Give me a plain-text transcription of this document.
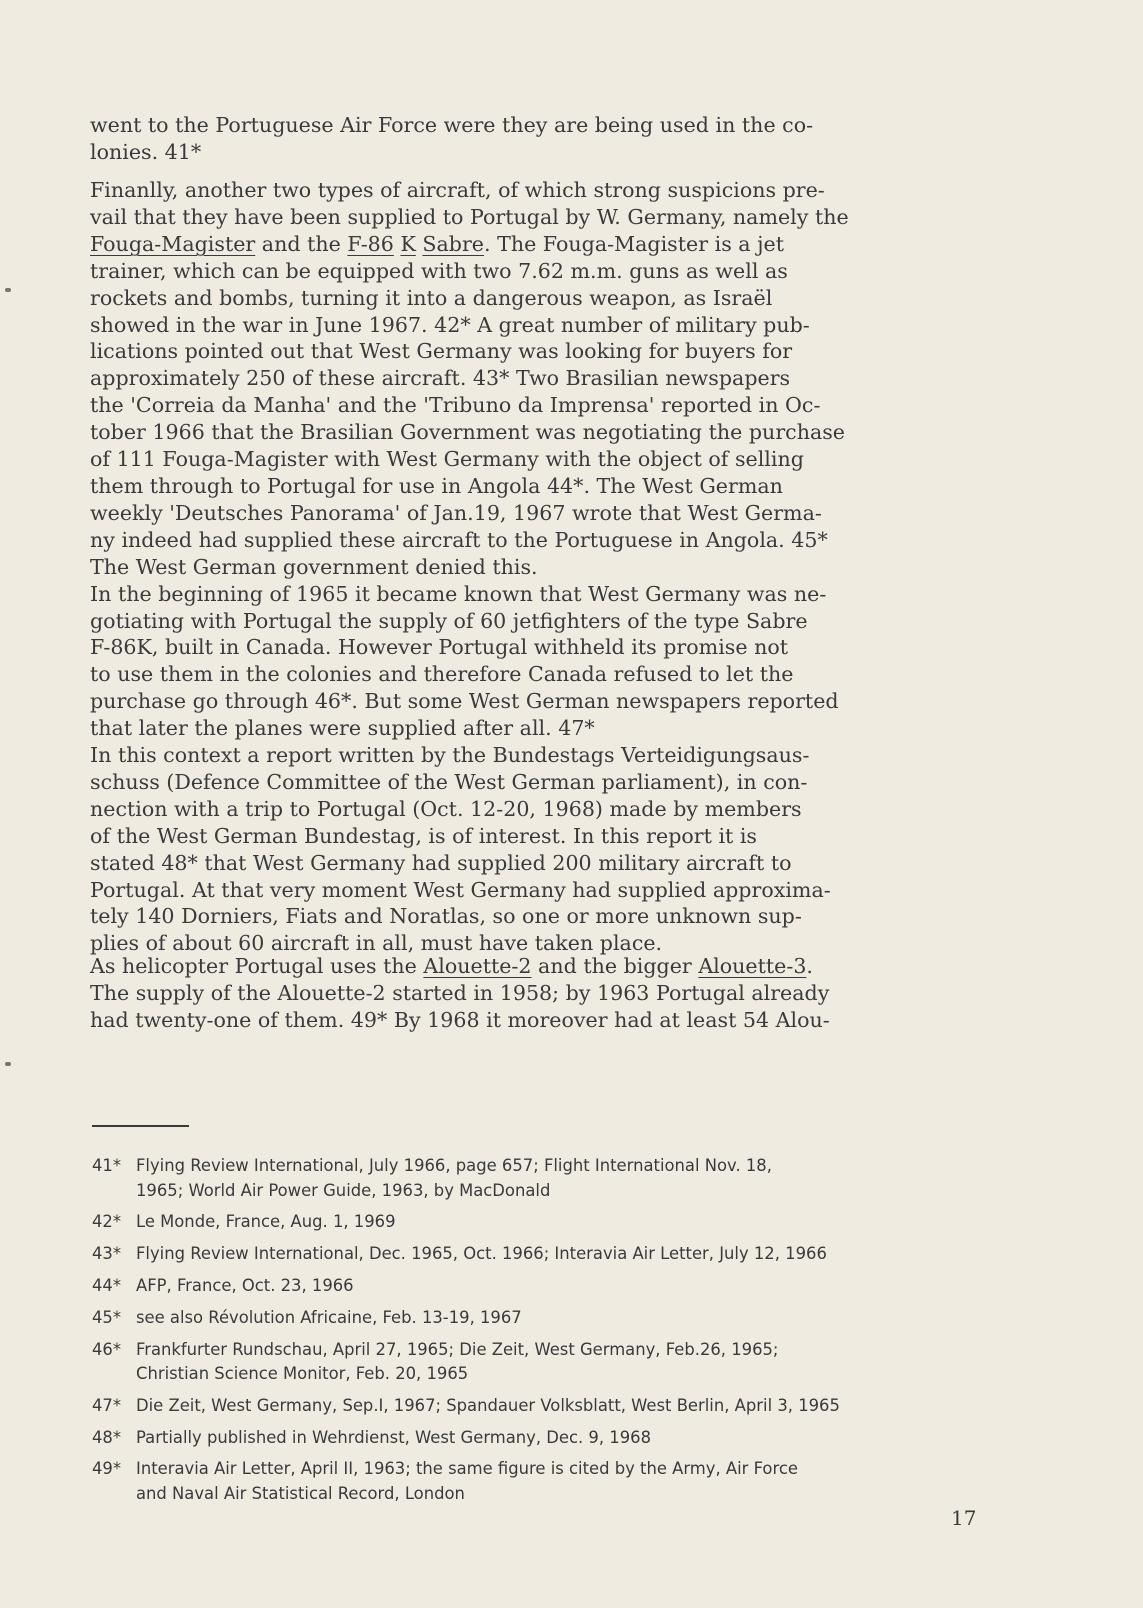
went to the Portuguese Air Force were they are being used in the co-
lonies. 41*
Finanlly, another two types of aircraft, of which strong suspicions pre-
vail that they have been supplied to Portugal by W. Germany, namely the
Fouga-Magister and the F-86 K Sabre. The Fouga-Magister is a jet
trainer, which can be equipped with two 7.62 m.m. guns as well as
rockets and bombs, turning it into a dangerous weapon, as Israël
showed in the war in June 1967. 42* A great number of military pub-
lications pointed out that West Germany was looking for buyers for
approximately 250 of these aircraft. 43* Two Brasilian newspapers
the 'Correia da Manha' and the 'Tribuno da Imprensa' reported in Oc-
tober 1966 that the Brasilian Government was negotiating the purchase
of 111 Fouga-Magister with West Germany with the object of selling
them through to Portugal for use in Angola 44*. The West German
weekly 'Deutsches Panorama' of Jan.19, 1967 wrote that West Germa-
ny indeed had supplied these aircraft to the Portuguese in Angola. 45*
The West German government denied this.
In the beginning of 1965 it became known that West Germany was ne-
gotiating with Portugal the supply of 60 jetfighters of the type Sabre
F-86K, built in Canada. However Portugal withheld its promise not
to use them in the colonies and therefore Canada refused to let the
purchase go through 46*. But some West German newspapers reported
that later the planes were supplied after all. 47*
In this context a report written by the Bundestags Verteidigungsaus-
schuss (Defence Committee of the West German parliament), in con-
nection with a trip to Portugal (Oct. 12-20, 1968) made by members
of the West German Bundestag, is of interest. In this report it is
stated 48* that West Germany had supplied 200 military aircraft to
Portugal. At that very moment West Germany had supplied approxima-
tely 140 Dorniers, Fiats and Noratlas, so one or more unknown sup-
plies of about 60 aircraft in all, must have taken place.
As helicopter Portugal uses the Alouette-2 and the bigger Alouette-3.
The supply of the Alouette-2 started in 1958; by 1963 Portugal already
had twenty-one of them. 49* By 1968 it moreover had at least 54 Alou-
41* Flying Review International, July 1966, page 657; Flight International Nov. 18,
1965; World Air Power Guide, 1963, by MacDonald
42* Le Monde, France, Aug. 1, 1969
43* Flying Review International, Dec. 1965, Oct. 1966; Interavia Air Letter, July 12, 1966
44* AFP, France, Oct. 23, 1966
45* see also Révolution Africaine, Feb. 13-19, 1967
46* Frankfurter Rundschau, April 27, 1965; Die Zeit, West Germany, Feb.26, 1965;
Christian Science Monitor, Feb. 20, 1965
47* Die Zeit, West Germany, Sep.I, 1967; Spandauer Volksblatt, West Berlin, April 3, 1965
48* Partially published in Wehrdienst, West Germany, Dec. 9, 1968
49* Interavia Air Letter, April II, 1963; the same figure is cited by the Army, Air Force
and Naval Air Statistical Record, London
17
